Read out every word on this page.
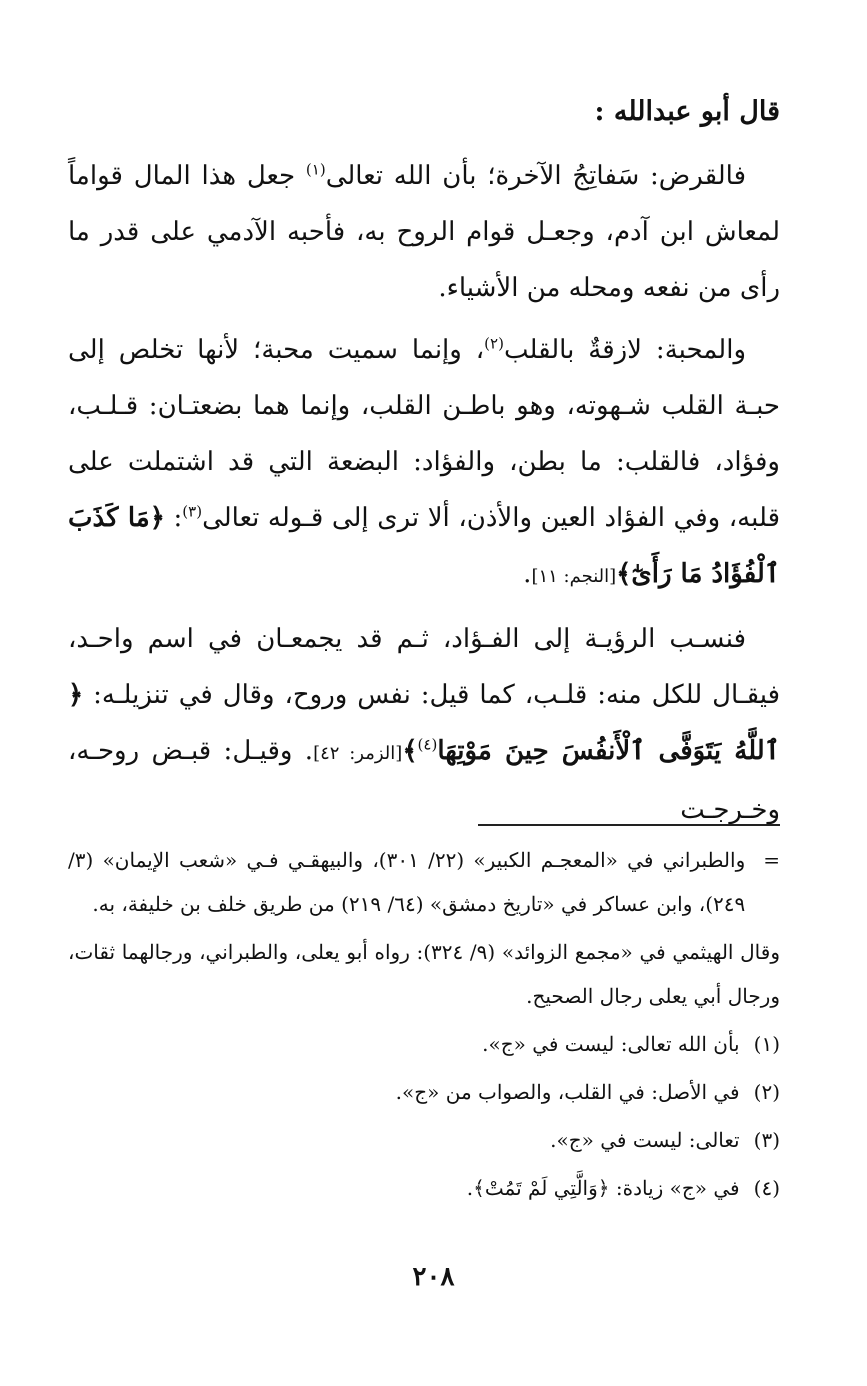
قال أبو عبدالله :

فالقرض: سَفاتِجُ الآخرة؛ بأن الله تعالى$^{(١)}$ جعل هذا المال قواماً لمعاش ابن آدم، وجعـل قوام الروح به، فأحبه الآدمي على قدر ما رأى من نفعه ومحله من الأشياء.

والمحبة: لازقةٌ بالقلب$^{(٢)}$، وإنما سميت محبة؛ لأنها تخلص إلى حبـة القلب شـهوته، وهو باطـن القلب، وإنما هما بضعتـان: قـلـب، وفؤاد، فالقلب: ما بطن، والفؤاد: البضعة التي قد اشتملت على قلبه، وفي الفؤاد العين والأذن، ألا ترى إلى قـوله تعالى$^{(٣)}$: ﴿مَا كَذَبَ ٱلْفُؤَادُ مَا رَأَىٰٓ﴾[النجم: ١١].

فنسـب الرؤيـة إلى الفـؤاد، ثـم قد يجمعـان في اسم واحـد، فيقـال للكل منه: قلـب، كما قيل: نفس وروح، وقال في تنزيلـه: ﴿ ٱللَّهُ يَتَوَفَّى ٱلْأَنفُسَ حِينَ مَوْتِهَا$^{(٤)}$﴾[الزمر: ٤٢]. وقيـل: قبـض روحـه، وخـرجـت

=
والطبراني في «المعجـم الكبير» (٢٢/ ٣٠١)، والبيهقـي فـي «شعب الإيمان» (٣/ ٢٤٩)، وابن عساكر في «تاريخ دمشق» (٦٤/ ٢١٩) من طريق خلف بن خليفة، به.
وقال الهيثمي في «مجمع الزوائد» (٩/ ٣٢٤): رواه أبو يعلى، والطبراني، ورجالهما ثقات، ورجال أبي يعلى رجال الصحيح.
(١)
بأن الله تعالى: ليست في «ج».
(٢)
في الأصل: في القلب، والصواب من «ج».
(٣)
تعالى: ليست في «ج».
(٤)
في «ج» زيادة: ﴿وَالَّتِي لَمْ تَمُتْ﴾.
٢٠٨
